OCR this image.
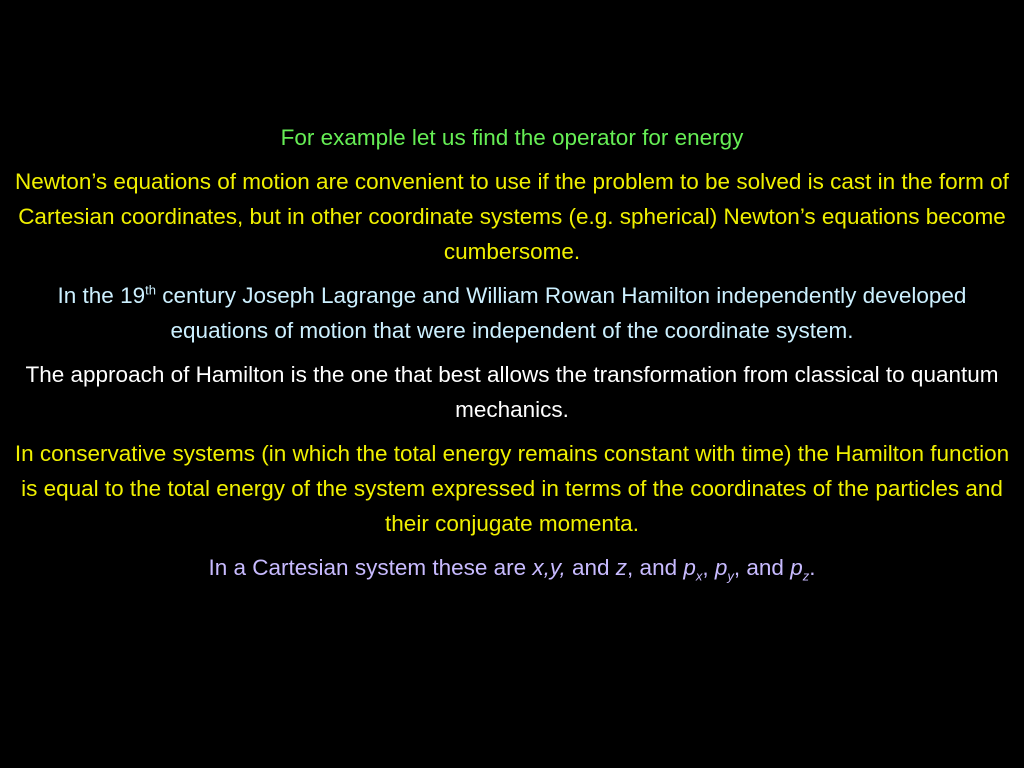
For example let us find the operator for energy

Newton’s equations of motion are convenient to use if the problem to be solved is cast in the form of Cartesian coordinates, but in other coordinate systems (e.g. spherical) Newton’s equations become cumbersome.

In the 19th century Joseph Lagrange and William Rowan Hamilton independently developed equations of motion that were independent of the coordinate system.

The approach of Hamilton is the one that best allows the transformation from classical to quantum mechanics.

In conservative systems (in which the total energy remains constant with time) the Hamilton function is equal to the total energy of the system expressed in terms of the coordinates of the particles and their conjugate momenta.

In a Cartesian system these are x,y, and z, and $p_x$, $p_y$, and $p_z$.
